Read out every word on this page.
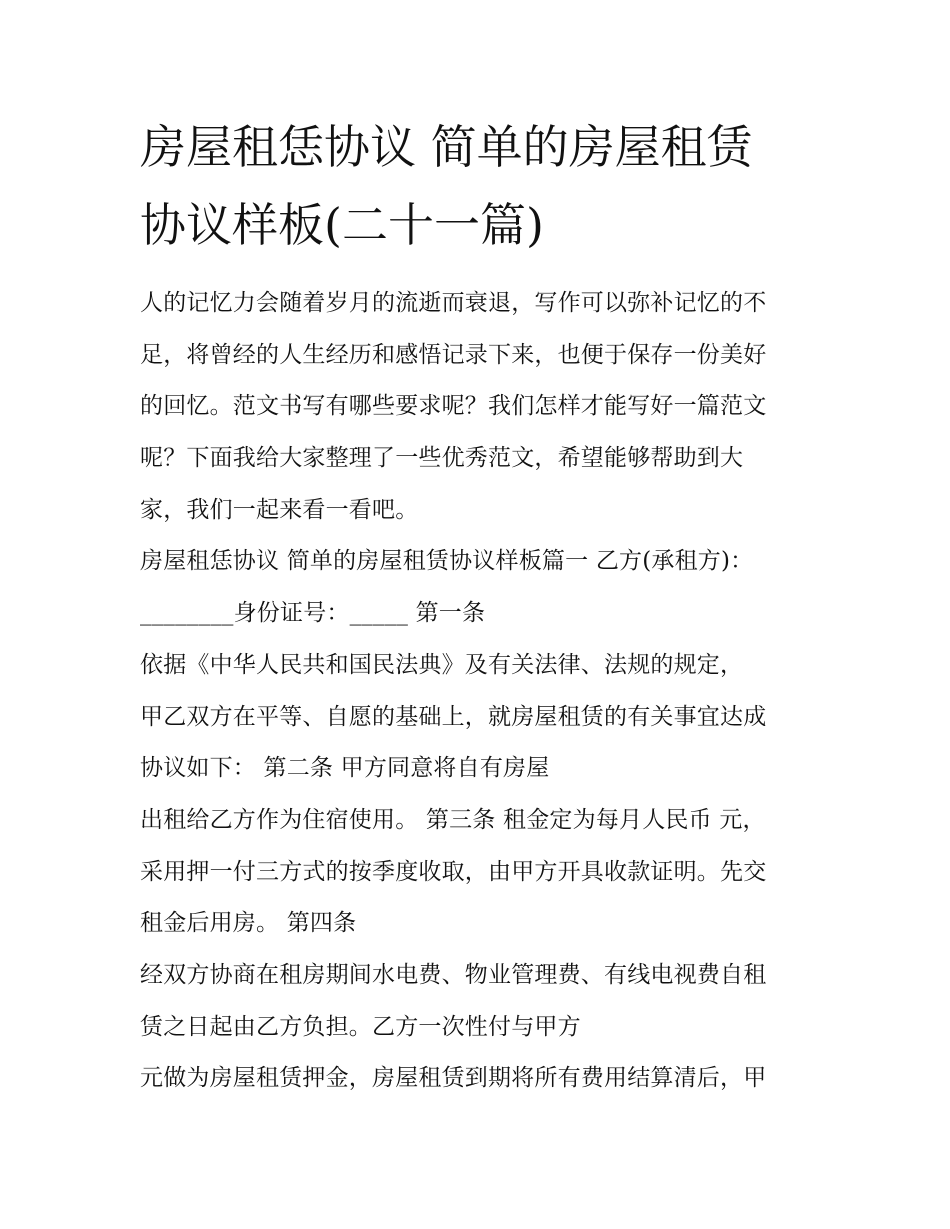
房屋租恁协议 简单的房屋租赁
协议样板(二十一篇)
人的记忆力会随着岁月的流逝而衰退，写作可以弥补记忆的不
足，将曾经的人生经历和感悟记录下来，也便于保存一份美好
的回忆。范文书写有哪些要求呢？我们怎样才能写好一篇范文
呢？下面我给大家整理了一些优秀范文，希望能够帮助到大
家，我们一起来看一看吧。
房屋租恁协议 简单的房屋租赁协议样板篇一 乙方(承租方)：
________身份证号：_____ 第一条
依据《中华人民共和国民法典》及有关法律、法规的规定，
甲乙双方在平等、自愿的基础上，就房屋租赁的有关事宜达成
协议如下： 第二条 甲方同意将自有房屋
出租给乙方作为住宿使用。 第三条 租金定为每月人民币 元，
采用押一付三方式的按季度收取，由甲方开具收款证明。先交
租金后用房。 第四条
经双方协商在租房期间水电费、物业管理费、有线电视费自租
赁之日起由乙方负担。乙方一次性付与甲方
元做为房屋租赁押金，房屋租赁到期将所有费用结算清后，甲
